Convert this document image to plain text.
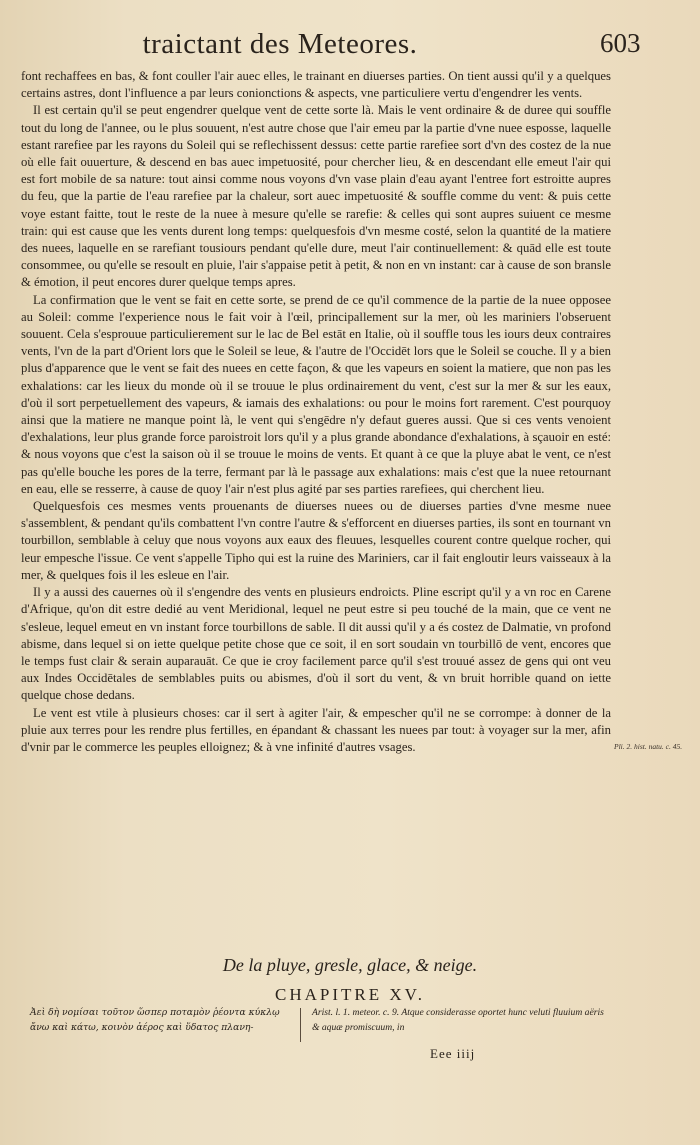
traictant des Meteores.	603

font rechaffees en bas, & font couller l'air auec elles, le trainant en diuerses parties. On tient aussi qu'il y a quelques certains astres, dont l'influence a par leurs conionctions & aspects, vne particuliere vertu d'engendrer les vents.

Il est certain qu'il se peut engendrer quelque vent de cette sorte là. Mais le vent ordinaire & de duree qui souffle tout du long de l'annee, ou le plus souuent, n'est autre chose que l'air emeu par la partie d'vne nuee esposse, laquelle estant rarefiee par les rayons du Soleil qui se reflechissent dessus: cette partie rarefiee sort d'vn des costez de la nue où elle fait ouuerture, & descend en bas auec impetuosité, pour chercher lieu, & en descendant elle emeut l'air qui est fort mobile de sa nature: tout ainsi comme nous voyons d'vn vase plain d'eau ayant l'entree fort estroitte aupres du feu, que la partie de l'eau rarefiee par la chaleur, sort auec impetuosité & souffle comme du vent: & puis cette voye estant faitte, tout le reste de la nuee à mesure qu'elle se rarefie: & celles qui sont aupres suiuent ce mesme train: qui est cause que les vents durent long temps: quelquesfois d'vn mesme costé, selon la quantité de la matiere des nuees, laquelle en se rarefiant tousiours pendant qu'elle dure, meut l'air continuellement: & quād elle est toute consommee, ou qu'elle se resoult en pluie, l'air s'appaise petit à petit, & non en vn instant: car à cause de son bransle & émotion, il peut encores durer quelque temps apres.

La confirmation que le vent se fait en cette sorte, se prend de ce qu'il commence de la partie de la nuee opposee au Soleil: comme l'experience nous le fait voir à l'œil, principallement sur la mer, où les mariniers l'obseruent souuent. Cela s'esprouue particulierement sur le lac de Bel estāt en Italie, où il souffle tous les iours deux contraires vents, l'vn de la part d'Orient lors que le Soleil se leue, & l'autre de l'Occidēt lors que le Soleil se couche. Il y a bien plus d'apparence que le vent se fait des nuees en cette façon, & que les vapeurs en soient la matiere, que non pas les exhalations: car les lieux du monde où il se trouue le plus ordinairement du vent, c'est sur la mer & sur les eaux, d'où il sort perpetuellement des vapeurs, & iamais des exhalations: ou pour le moins fort rarement. C'est pourquoy ainsi que la matiere ne manque point là, le vent qui s'engēdre n'y defaut gueres aussi. Que si ces vents venoient d'exhalations, leur plus grande force paroistroit lors qu'il y a plus grande abondance d'exhalations, à sçauoir en esté: & nous voyons que c'est la saison où il se trouue le moins de vents. Et quant à ce que la pluye abat le vent, ce n'est pas qu'elle bouche les pores de la terre, fermant par là le passage aux exhalations: mais c'est que la nuee retournant en eau, elle se resserre, à cause de quoy l'air n'est plus agité par ses parties rarefiees, qui cherchent lieu.

Quelquesfois ces mesmes vents prouenants de diuerses nuees ou de diuerses parties d'vne mesme nuee s'assemblent, & pendant qu'ils combattent l'vn contre l'autre & s'efforcent en diuerses parties, ils sont en tournant vn tourbillon, semblable à celuy que nous voyons aux eaux des fleuues, lesquelles courent contre quelque rocher, qui leur empesche l'issue. Ce vent s'appelle Tipho qui est la ruine des Mariniers, car il fait engloutir leurs vaisseaux à la mer, & quelques fois il les esleue en l'air.

Il y a aussi des cauernes où il s'engendre des vents en plusieurs endroicts. Pline escript qu'il y a vn roc en Carene d'Afrique, qu'on dit estre dedié au vent Meridional, lequel ne peut estre si peu touché de la main, que ce vent ne s'esleue, lequel emeut en vn instant force tourbillons de sable. Il dit aussi qu'il y a és costez de Dalmatie, vn profond abisme, dans lequel si on iette quelque petite chose que ce soit, il en sort soudain vn tourbillō de vent, encores que le temps fust clair & serain auparauāt. Ce que ie croy facilement parce qu'il s'est trouué assez de gens qui ont veu aux Indes Occidētales de semblables puits ou abismes, d'où il sort du vent, & vn bruit horrible quand on iette quelque chose dedans.

Le vent est vtile à plusieurs choses: car il sert à agiter l'air, & empescher qu'il ne se corrompe: à donner de la pluie aux terres pour les rendre plus fertilles, en épandant & chassant les nuees par tout: à voyager sur la mer, afin d'vnir par le commerce les peuples elloignez; & à vne infinité d'autres vsages.	Pli. 2. hist. natu. c. 45.
De la pluye, gresle, glace, & neige.
CHAPITRE XV.
Ἀεὶ δὴ νομίσαι τοῦτον ὥσπερ ποταμὸν ῥέοντα κύκλῳ ἄνω καὶ κάτω, κοινὸν ἀέρος καὶ ὕδατος πλανη-
Arist. l. 1. meteor. c. 9. Atque considerasse oportet hunc veluti fluuium aëris & aquæ promiscuum, in
Eee iiij
